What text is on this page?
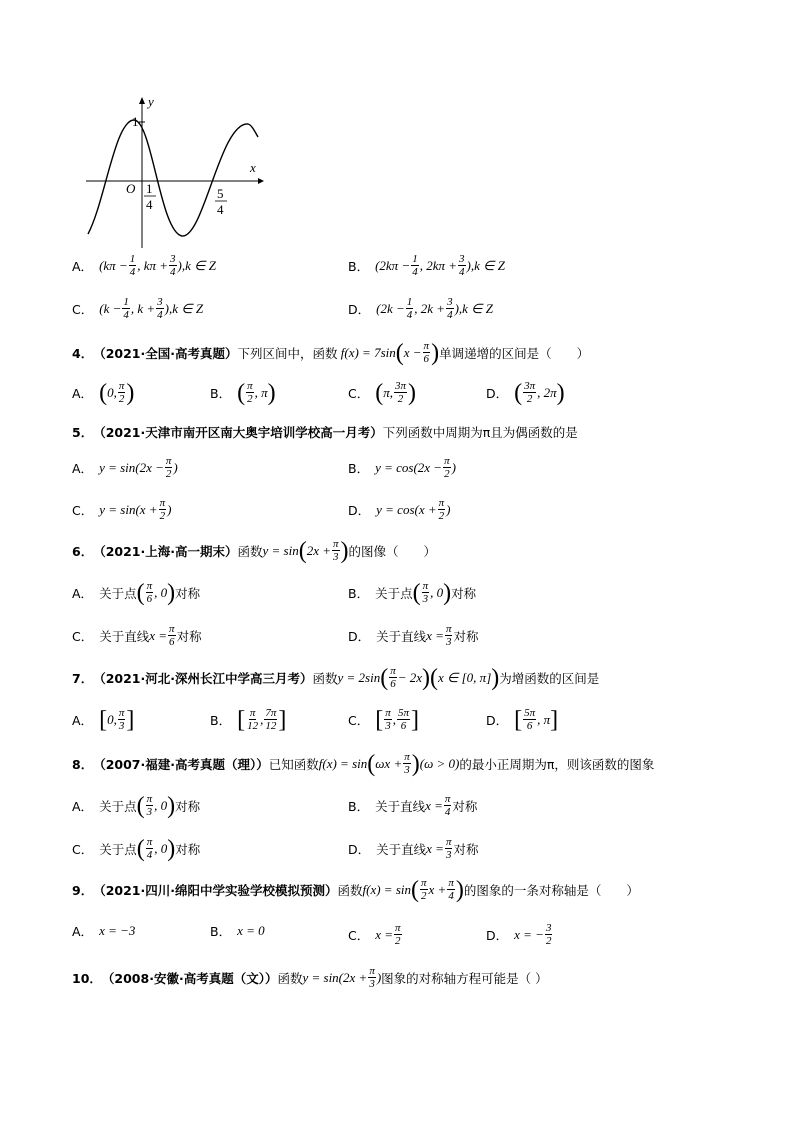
y
x
O
1
1
4
5
4
A． ($k\pi - \frac{1}{4}$ , $k\pi + \frac{3}{4}$ ), k ∈ Z	B． ($2k\pi - \frac{1}{4}$ , $2k\pi + \frac{3}{4}$ ), k ∈ Z
C． ($k - \frac{1}{4}$ , $k + \frac{3}{4}$ ), k ∈ Z	D． ($2k - \frac{1}{4}$ , $2k + \frac{3}{4}$ ), k ∈ Z
4． （2021·全国·高考真题） 下列区间中，函数 f(x) = 7sin ( $x - \frac{\pi}{6}$ ) 单调递增的区间是（　　）
A． ( 0, $\frac{\pi}{2}$ )	B． ( $\frac{\pi}{2}$ , π )	C． ( π, $\frac{3\pi}{2}$ )	D． ( $\frac{3\pi}{2}$ , 2π )
5． （2021·天津市南开区南大奥宇培训学校高一月考） 下列函数中周期为π且为偶函数的是
A． $y = \sin(2x - \frac{\pi}{2}$ )	B． $y = \cos(2x - \frac{\pi}{2}$ )
C． $y = \sin(x + \frac{\pi}{2}$ )	D． $y = \cos(x + \frac{\pi}{2}$ )
6． （2021·上海·高一期末） 函数 y = sin ( $2x + \frac{\pi}{3}$ ) 的图像（　　）
A． 关于点 ( $\frac{\pi}{6}$ , 0 ) 对称	B． 关于点 ( $\frac{\pi}{3}$ , 0 ) 对称
C． 关于直线 $x = \frac{\pi}{6}$ 对称	D． 关于直线 $x = \frac{\pi}{3}$ 对称
7． （2021·河北·深州长江中学高三月考） 函数 y = 2sin ( $\frac{\pi}{6} - 2x$ )( x ∈ [0, π] ) 为增函数的区间是
A． [ 0, $\frac{\pi}{3}$ ]	B． [ $\frac{\pi}{12}$ , $\frac{7\pi}{12}$ ]	C． [ $\frac{\pi}{3}$ , $\frac{5\pi}{6}$ ]	D． [ $\frac{5\pi}{6}$ , π ]
8． （2007·福建·高考真题（理）） 已知函数 f(x) = sin ( $\omega x + \frac{\pi}{3}$ ) (ω > 0) 的最小正周期为π，则该函数的图象
A． 关于点 ( $\frac{\pi}{3}$ , 0 ) 对称	B． 关于直线 $x = \frac{\pi}{4}$ 对称
C． 关于点 ( $\frac{\pi}{4}$ , 0 ) 对称	D． 关于直线 $x = \frac{\pi}{3}$ 对称
9． （2021·四川·绵阳中学实验学校模拟预测） 函数 f(x) = sin ( $\frac{\pi}{2}$ $x + \frac{\pi}{4}$ ) 的图象的一条对称轴是（　　）
A． x = −3	B． x = 0	C． $x = \frac{\pi}{2}$	D． x = − $\frac{3}{2}$
10． （2008·安徽·高考真题（文）） 函数 $y = \sin(2x + \frac{\pi}{3}$ ) 图象的对称轴方程可能是（ ）
